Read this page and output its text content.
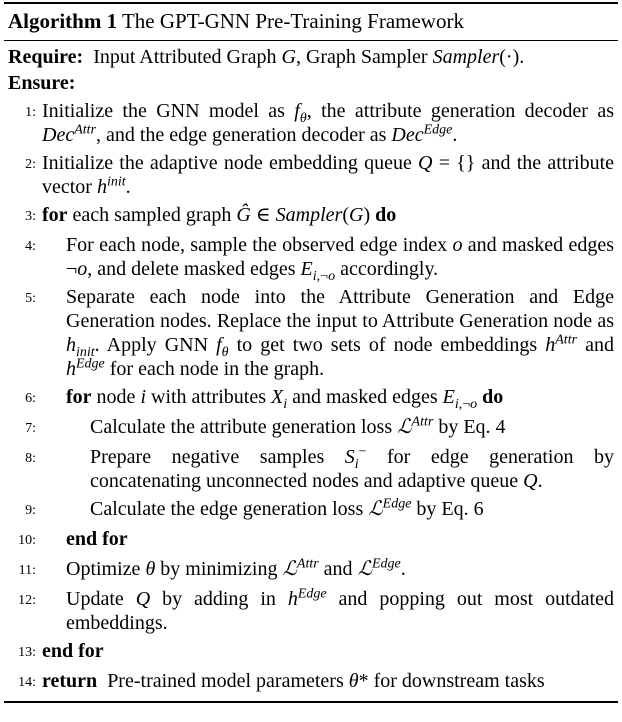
Algorithm 1 The GPT-GNN Pre-Training Framework
Require:  Input Attributed Graph G, Graph Sampler Sampler(·).
Ensure:
1: Initialize the GNN model as $f_\theta$, the attribute generation decoder as Dec$^{Attr}$, and the edge generation decoder as Dec$^{Edge}$.
2: Initialize the adaptive node embedding queue Q = {} and the attribute vector $h^{init}$.
3: for each sampled graph Ĝ ∈ Sampler(G) do
4:	For each node, sample the observed edge index o and masked edges ¬o, and delete masked edges $E_{i,\neg o}$ accordingly.
5:	Separate each node into the Attribute Generation and Edge Generation nodes. Replace the input to Attribute Generation node as $h_{init}$. Apply GNN $f_\theta$ to get two sets of node embeddings $h^{Attr}$ and $h^{Edge}$ for each node in the graph.
6:	for node i with attributes $X_i$ and masked edges $E_{i,\neg o}$ do
7:	Calculate the attribute generation loss ℒ$^{Attr}$ by Eq. 4
8:	Prepare negative samples $S_i^-$ for edge generation by concatenating unconnected nodes and adaptive queue Q.
9:	Calculate the edge generation loss ℒ$^{Edge}$ by Eq. 6
10:	end for
11:	Optimize θ by minimizing ℒ$^{Attr}$ and ℒ$^{Edge}$.
12:	Update Q by adding in $h^{Edge}$ and popping out most outdated embeddings.
13: end for
14: return  Pre-trained model parameters θ* for downstream tasks
